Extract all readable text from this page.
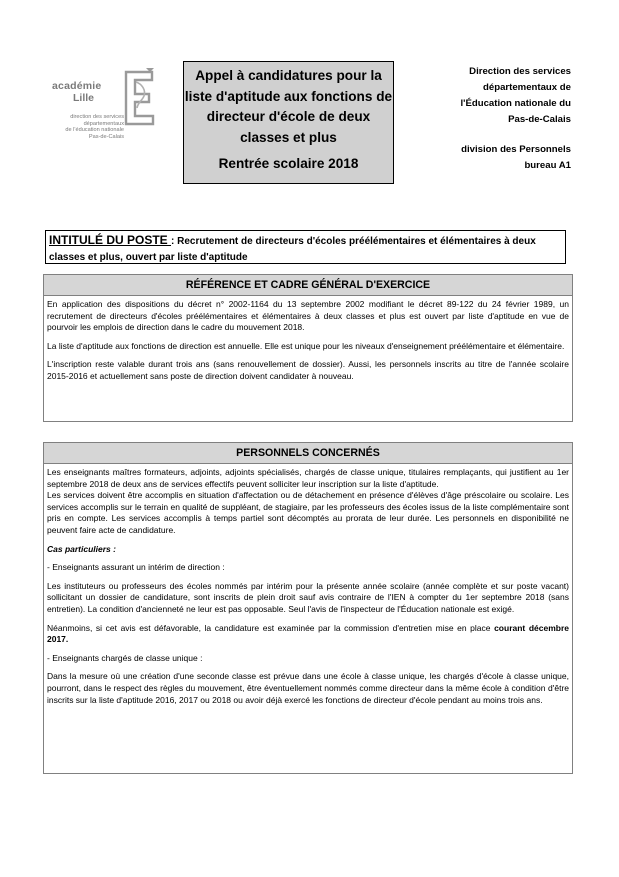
académie
Lille
direction des services
départementaux
de l'éducation nationale
Pas-de-Calais
Appel à candidatures pour la liste d'aptitude aux fonctions de directeur d'école de deux classes et plus
Rentrée scolaire 2018
Direction des services
départementaux de
l'Éducation nationale du
Pas-de-Calais
division des Personnels
bureau A1
INTITULÉ DU POSTE : Recrutement de directeurs d'écoles préélémentaires et élémentaires à deux classes et plus, ouvert par liste d'aptitude
RÉFÉRENCE ET CADRE GÉNÉRAL D'EXERCICE

En application des dispositions du décret n° 2002-1164 du 13 septembre 2002 modifiant le décret 89-122 du 24 février 1989, un recrutement de directeurs d'écoles préélémentaires et élémentaires à deux classes et plus est ouvert par liste d'aptitude en vue de pourvoir les emplois de direction dans le cadre du mouvement 2018.

La liste d'aptitude aux fonctions de direction est annuelle. Elle est unique pour les niveaux d'enseignement préélémentaire et élémentaire.

L'inscription reste valable durant trois ans (sans renouvellement de dossier). Aussi, les personnels inscrits au titre de l'année scolaire 2015-2016 et actuellement sans poste de direction doivent candidater à nouveau.

PERSONNELS CONCERNÉS

Les enseignants maîtres formateurs, adjoints, adjoints spécialisés, chargés de classe unique, titulaires remplaçants, qui justifient au 1er septembre 2018 de deux ans de services effectifs peuvent solliciter leur inscription sur la liste d'aptitude.

Les services doivent être accomplis en situation d'affectation ou de détachement en présence d'élèves d'âge préscolaire ou scolaire. Les services accomplis sur le terrain en qualité de suppléant, de stagiaire, par les professeurs des écoles issus de la liste complémentaire sont pris en compte. Les services accomplis à temps partiel sont décomptés au prorata de leur durée. Les personnels en disponibilité ne peuvent faire acte de candidature.

Cas particuliers :

- Enseignants assurant un intérim de direction :

Les instituteurs ou professeurs des écoles nommés par intérim pour la présente année scolaire (année complète et sur poste vacant) sollicitant un dossier de candidature, sont inscrits de plein droit sauf avis contraire de l'IEN à compter du 1er septembre 2018 (sans entretien). La condition d'ancienneté ne leur est pas opposable. Seul l'avis de l'inspecteur de l'Éducation nationale est exigé.

Néanmoins, si cet avis est défavorable, la candidature est examinée par la commission d'entretien mise en place courant décembre 2017.

- Enseignants chargés de classe unique :

Dans la mesure où une création d'une seconde classe est prévue dans une école à classe unique, les chargés d'école à classe unique, pourront, dans le respect des règles du mouvement, être éventuellement nommés comme directeur dans la même école à condition d'être inscrits sur la liste d'aptitude 2016, 2017 ou 2018 ou avoir déjà exercé les fonctions de directeur d'école pendant au moins trois ans.
